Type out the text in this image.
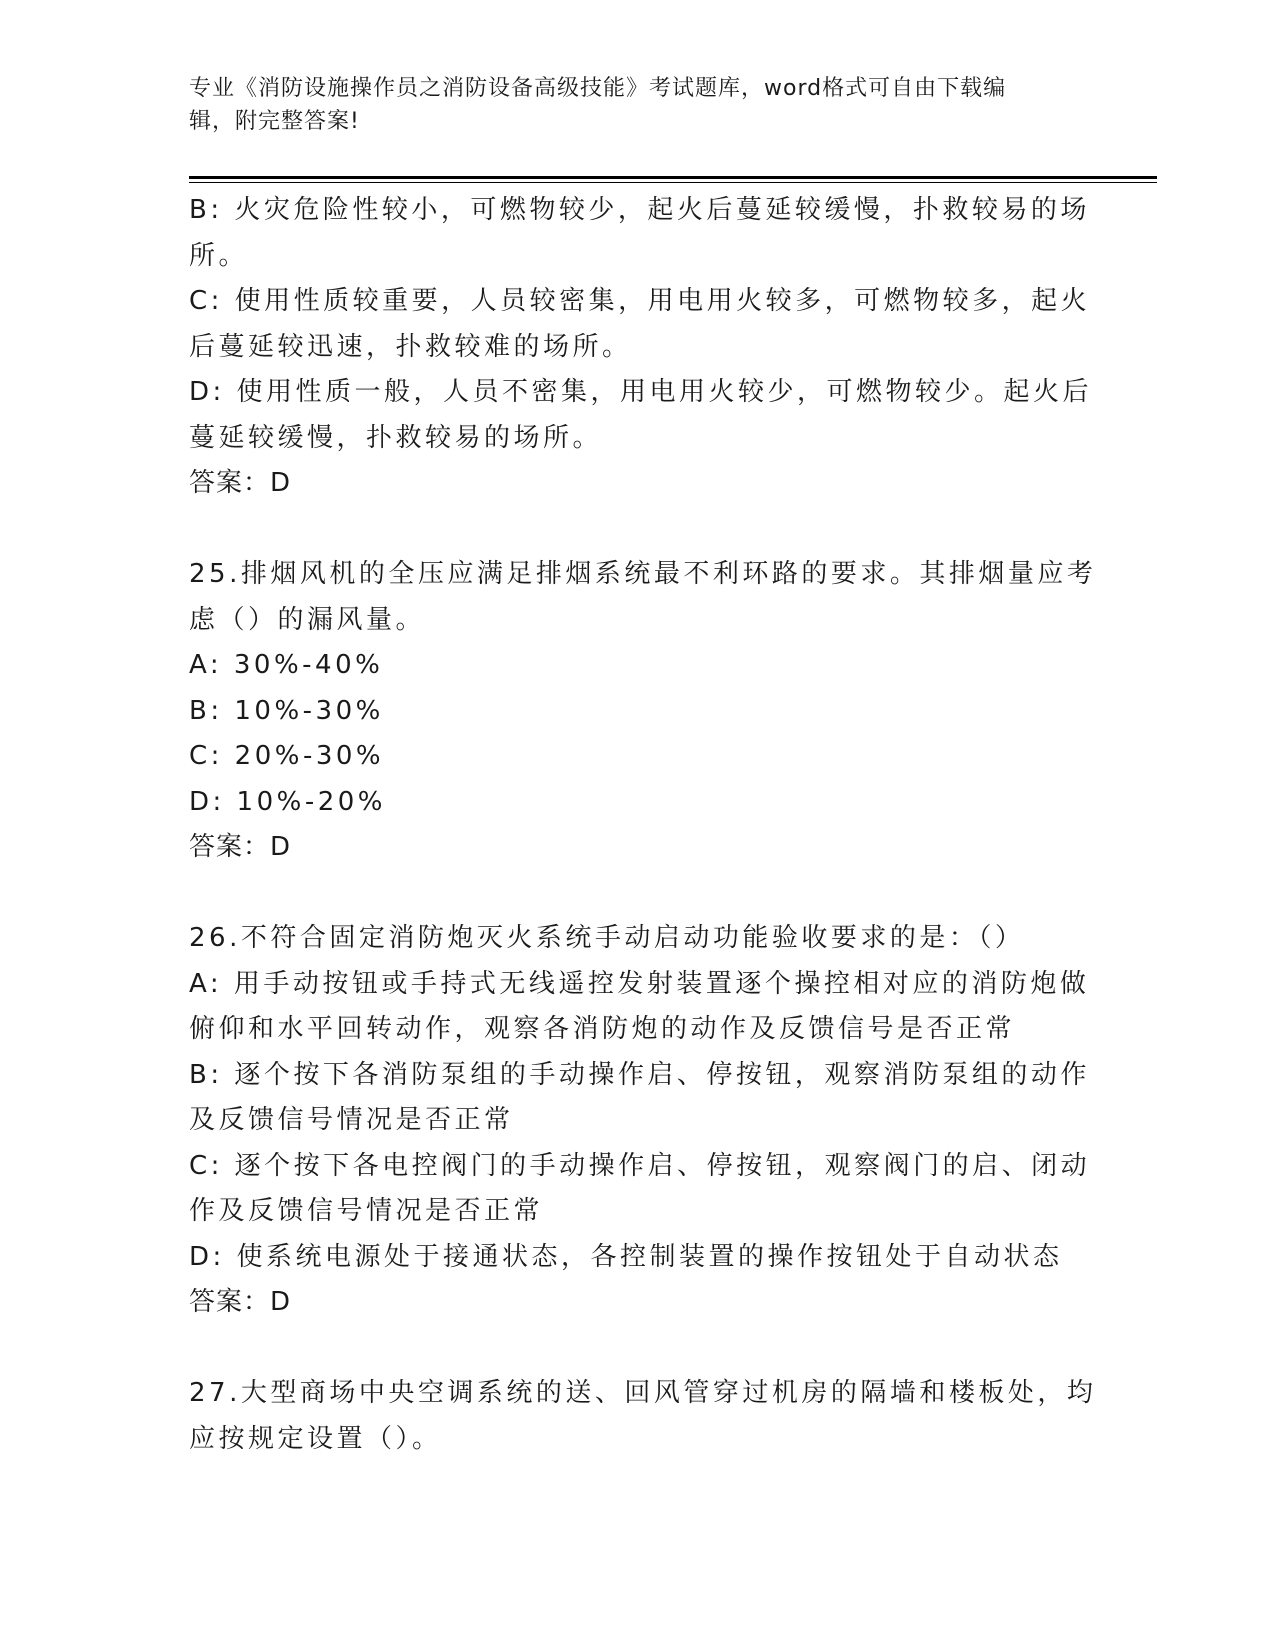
专业《消防设施操作员之消防设备高级技能》考试题库，word格式可自由下载编
辑，附完整答案!
B: 火灾危险性较小，可燃物较少，起火后蔓延较缓慢，扑救较易的场
所。
C: 使用性质较重要，人员较密集，用电用火较多，可燃物较多，起火
后蔓延较迅速，扑救较难的场所。
D: 使用性质一般，人员不密集，用电用火较少，可燃物较少。起火后
蔓延较缓慢，扑救较易的场所。
答案：D
25.排烟风机的全压应满足排烟系统最不利环路的要求。其排烟量应考
虑（）的漏风量。
A: 30%-40%
B: 10%-30%
C: 20%-30%
D: 10%-20%
答案：D
26.不符合固定消防炮灭火系统手动启动功能验收要求的是：（）
A: 用手动按钮或手持式无线遥控发射装置逐个操控相对应的消防炮做
俯仰和水平回转动作，观察各消防炮的动作及反馈信号是否正常
B: 逐个按下各消防泵组的手动操作启、停按钮，观察消防泵组的动作
及反馈信号情况是否正常
C: 逐个按下各电控阀门的手动操作启、停按钮，观察阀门的启、闭动
作及反馈信号情况是否正常
D: 使系统电源处于接通状态，各控制装置的操作按钮处于自动状态
答案：D
27.大型商场中央空调系统的送、回风管穿过机房的隔墙和楼板处，均
应按规定设置（）。
